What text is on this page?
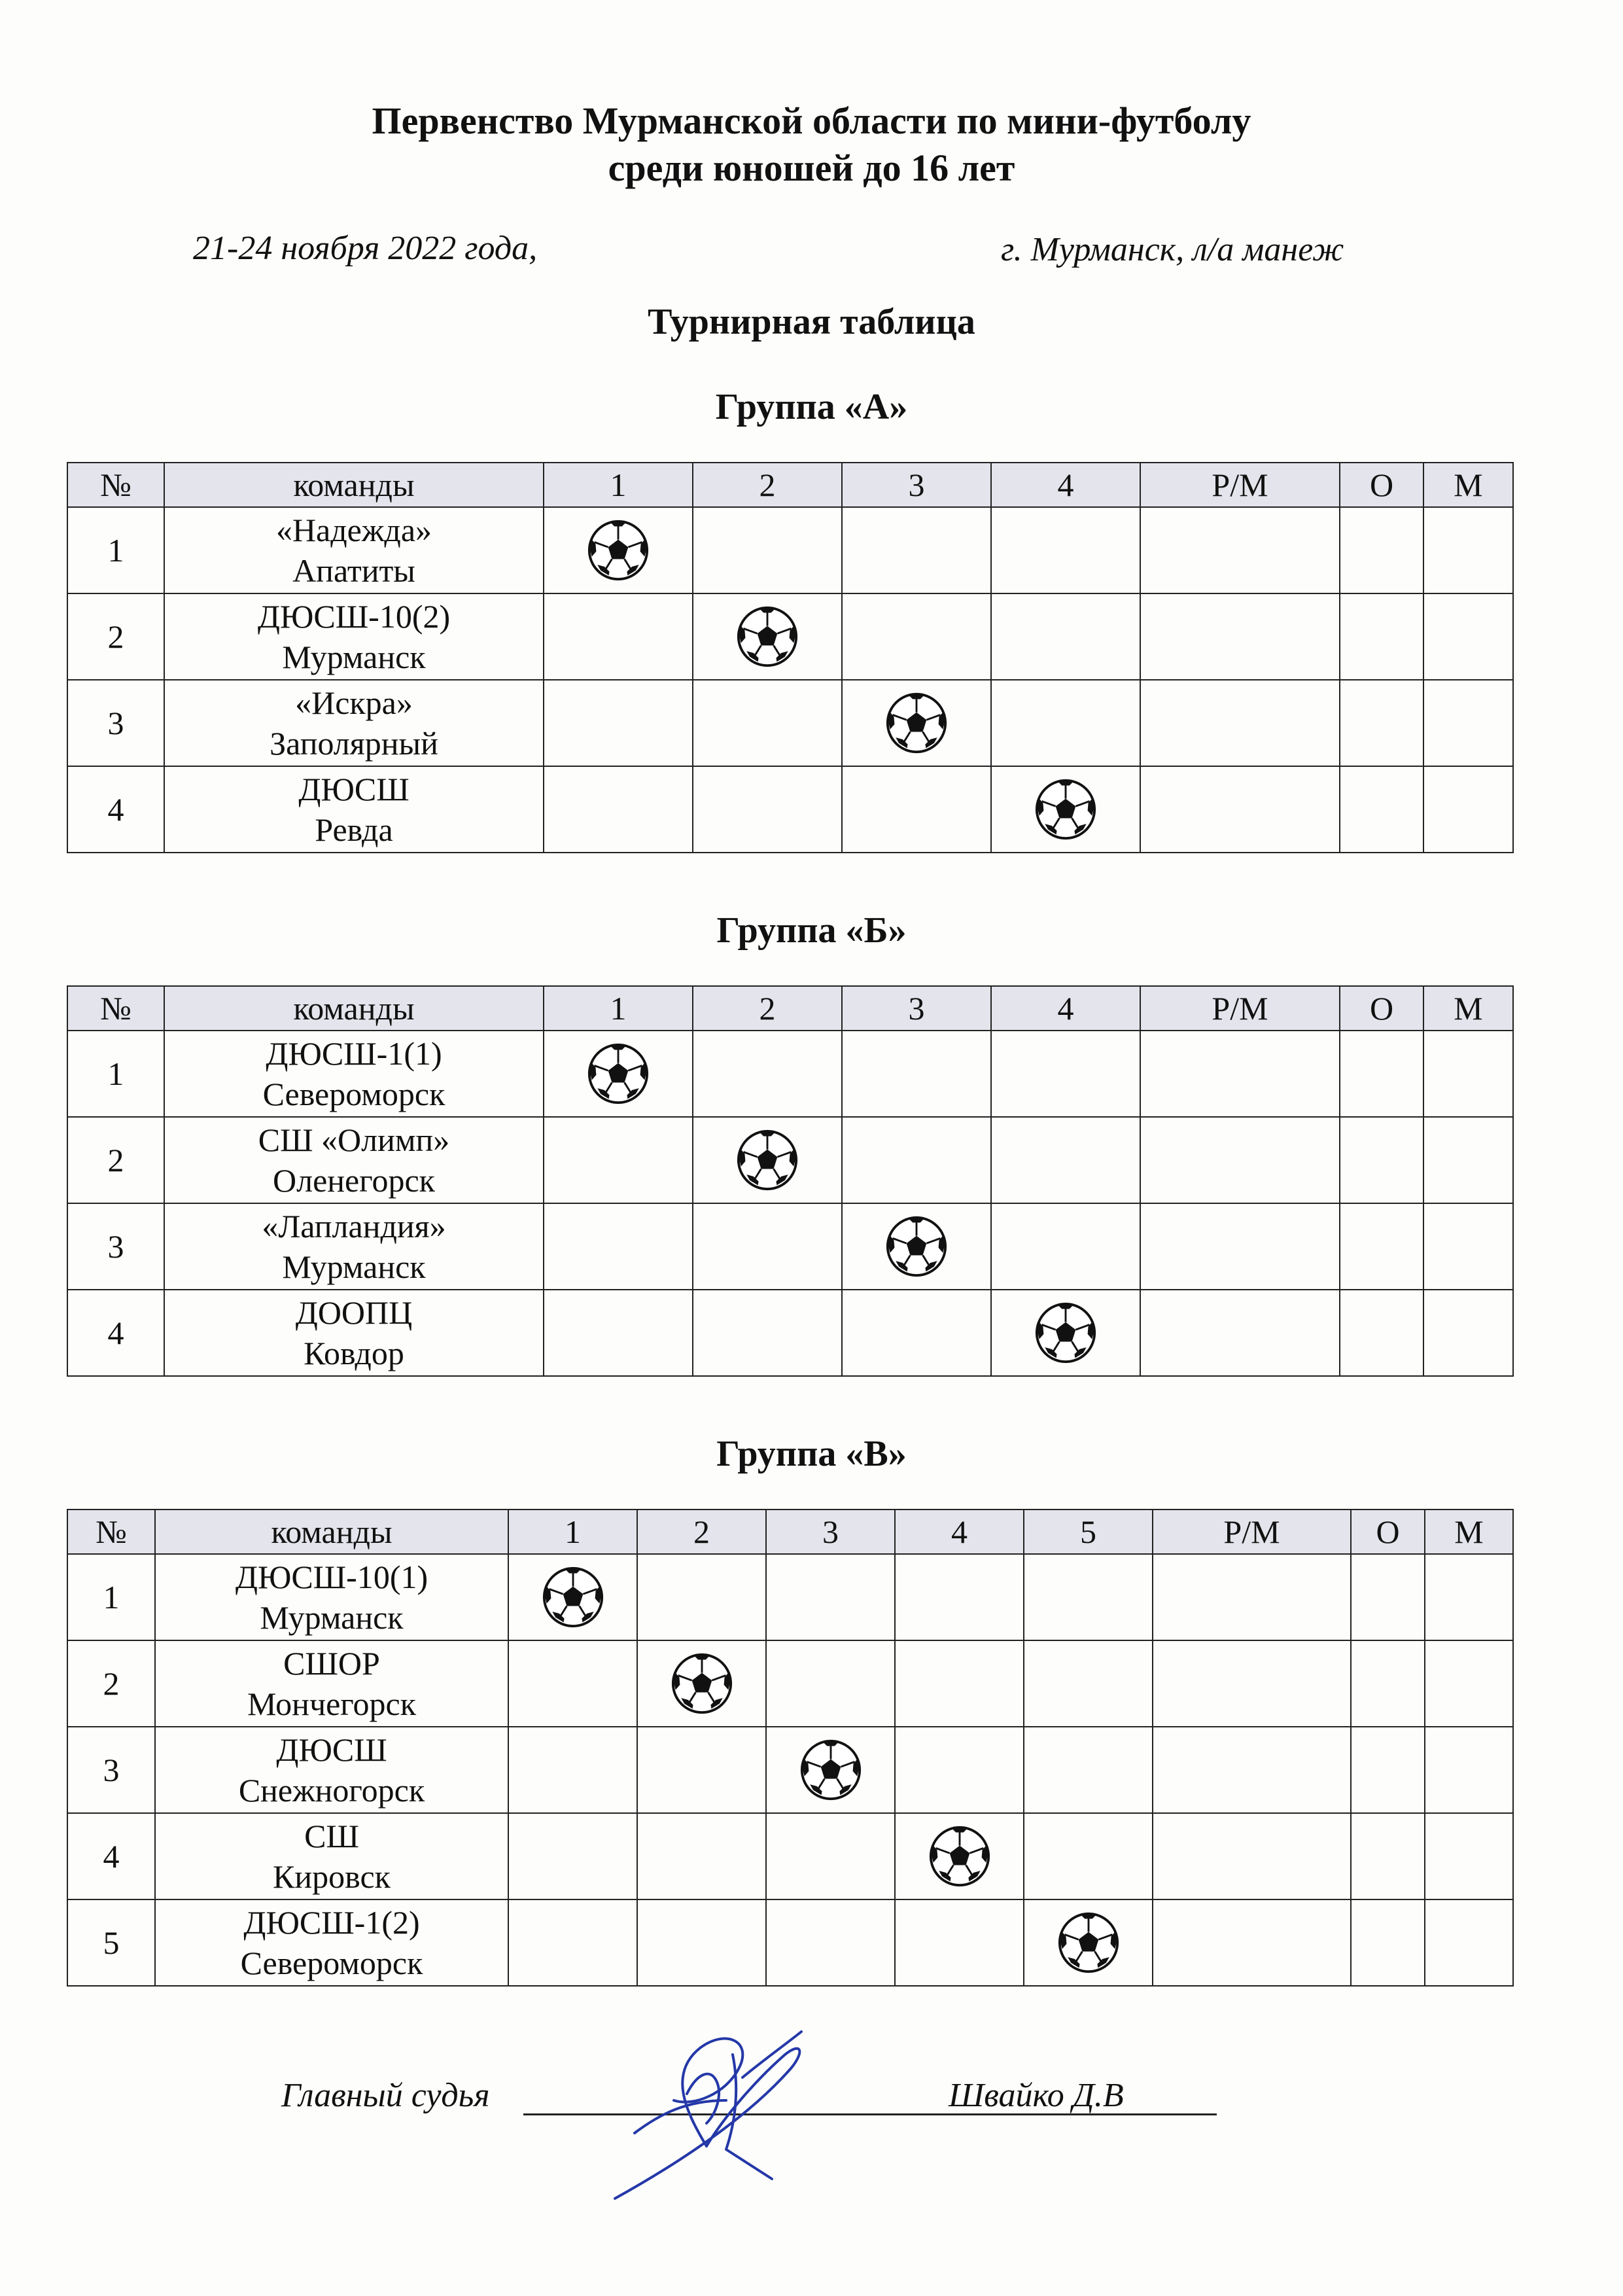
Первенство Мурманской области по мини-футболу
среди юношей до 16 лет
21-24 ноября 2022 года,	г. Мурманск, л/а манеж
Турнирная таблица
Группа «А»
№	команды	1	2	3	4	Р/М	О	М
1	«Надежда»
Апатиты

2	ДЮСШ-10(2)
Мурманск

3	«Искра»
Заполярный

4	ДЮСШ
Ревда

Группа «Б»
№	команды	1	2	3	4	Р/М	О	М
1	ДЮСШ-1(1)
Североморск

2	СШ «Олимп»
Оленегорск

3	«Лапландия»
Мурманск

4	ДООПЦ
Ковдор

Группа «В»
№	команды	1	2	3	4	5	Р/М	О	М
1	ДЮСШ-10(1)
Мурманск

2	СШОР
Мончегорск

3	ДЮСШ
Снежногорск

4	СШ
Кировск

5	ДЮСШ-1(2)
Североморск

Главный судья	Швайко Д.В
